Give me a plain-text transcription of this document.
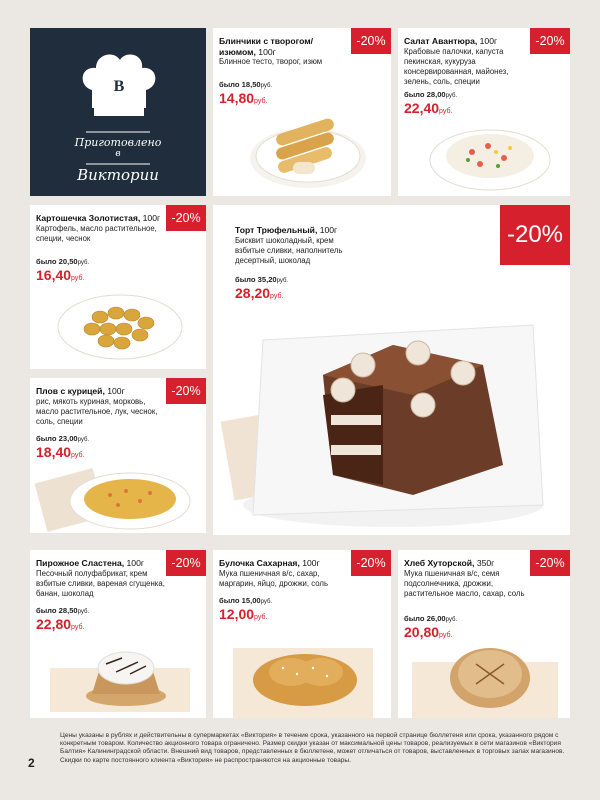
В
Приготовлено
в
Виктории
-20%
Блинчики с творогом/ изюмом, 100г
Блинное тесто, творог, изюм
было 18,50руб.
14,80руб.
-20%
Салат Авантюра, 100г
Крабовые палочки, капуста пекинская, кукуруза консервированная, майонез, зелень, соль, специи
было 28,00руб.
22,40руб.
-20%
Картошечка Золотистая, 100г
Картофель, масло растительное, специи, чеснок
было 20,50руб.
16,40руб.
-20%
Торт Трюфельный, 100г
Бисквит шоколадный, крем взбитые сливки, наполнитель десертный, шоколад
было 35,20руб.
28,20руб.
-20%
Плов с курицей, 100г
рис, мякоть куриная, морковь, масло растительное, лук, чеснок, соль, специи
было 23,00руб.
18,40руб.
-20%
Пирожное Сластена, 100г
Песочный полуфабрикат, крем взбитые сливки, вареная сгущенка, банан, шоколад
было 28,50руб.
22,80руб.
-20%
Булочка Сахарная, 100г
Мука пшеничная в/с, сахар, маргарин, яйцо, дрожжи, соль
было 15,00руб.
12,00руб.
-20%
Хлеб Хуторской, 350г
Мука пшеничная в/с, семя подсолнечника, дрожжи, растительное масло, сахар, соль
было 26,00руб.
20,80руб.
2
Цены указаны в рублях и действительны в супермаркетах «Виктория» в течение срока, указанного на первой странице бюллетеня или срока, указанного рядом с конкретным товаром. Количество акционного товара ограничено. Размер скидки указан от максимальной цены товаров, реализуемых в сети магазинов «Виктория Балтия» Калининградской области. Внешний вид товаров, представленных в бюллетене, может отличаться от товаров, выставленных в торговых залах магазинов. Скидки по карте постоянного клиента «Виктория» не распространяются на акционные товары.
